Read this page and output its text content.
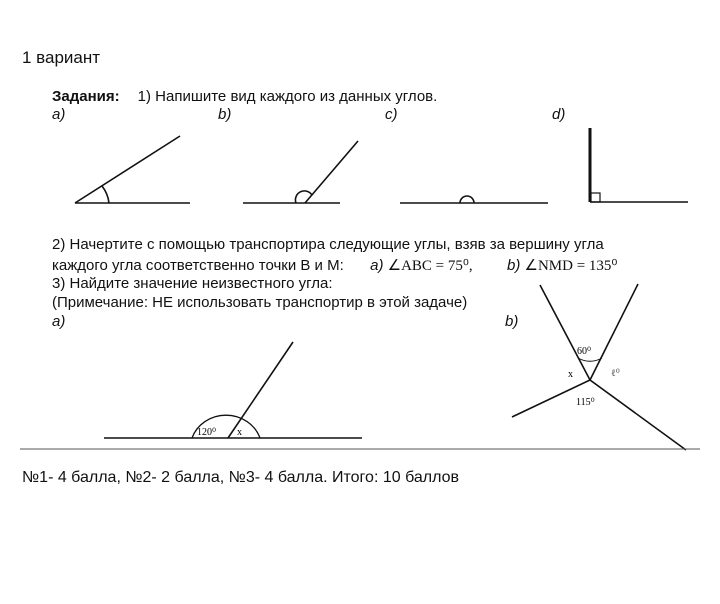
1 вариант
Задания: 1) Напишите вид каждого из данных углов.
a)	b)	c)	d)
2) Начертите с помощью транспортира следующие углы, взяв за вершину угла
каждого угла соответственно точки B и M: a) ∠ABC = 75⁰, b) ∠NMD = 135⁰
3) Найдите значение неизвестного угла:
(Примечание: НЕ использовать транспортир в этой задаче)
a)	b)
120⁰ x
60⁰
115⁰
x	ℓ⁰
№1- 4 балла, №2- 2 балла, №3- 4 балла. Итого: 10 баллов
